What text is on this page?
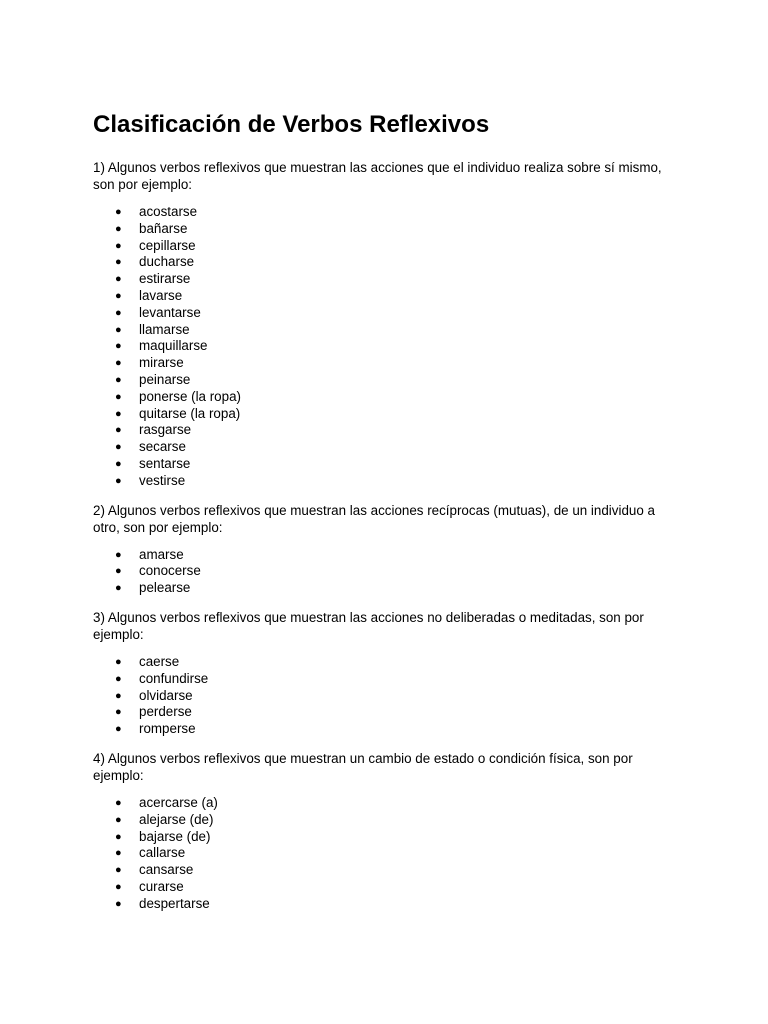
Clasificación de Verbos Reflexivos

1) Algunos verbos reflexivos que muestran las acciones que el individuo realiza sobre sí mismo, son por ejemplo:

● acostarse
● bañarse
● cepillarse
● ducharse
● estirarse
● lavarse
● levantarse
● llamarse
● maquillarse
● mirarse
● peinarse
● ponerse (la ropa)
● quitarse (la ropa)
● rasgarse
● secarse
● sentarse
● vestirse

2) Algunos verbos reflexivos que muestran las acciones recíprocas (mutuas), de un individuo a otro, son por ejemplo:

● amarse
● conocerse
● pelearse

3) Algunos verbos reflexivos que muestran las acciones no deliberadas o meditadas, son por ejemplo:

● caerse
● confundirse
● olvidarse
● perderse
● romperse

4) Algunos verbos reflexivos que muestran un cambio de estado o condición física, son por ejemplo:

● acercarse (a)
● alejarse (de)
● bajarse (de)
● callarse
● cansarse
● curarse
● despertarse
